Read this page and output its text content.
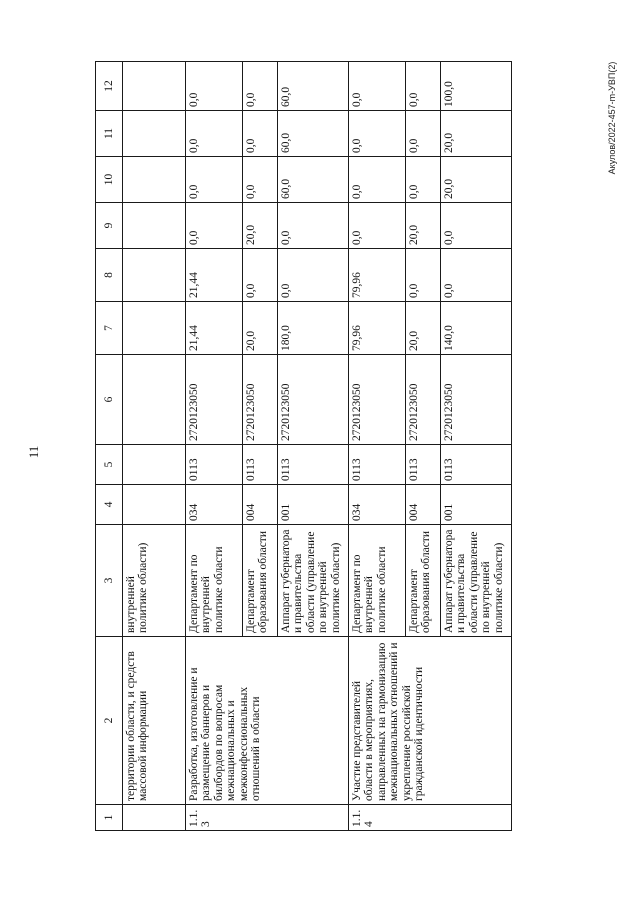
11
Акулов/2022-457-m-УВП(2)
1	2	3	4	5	6	7	8	9	10	11	12
	территории области, и средств массовой информации	внутренней политике области)									
1.1.3	Разработка, изготовление и размещение баннеров и билбордов по вопросам межнациональных и межконфессиональных отношений в области	Департамент по внутренней политике области	034	0113	2720123050	21,44	21,44	0,0	0,0	0,0	0,0
		Департамент образования области	004	0113	2720123050	20,0	0,0	20,0	0,0	0,0	0,0
		Аппарат губернатора и правительства области (управление по внутренней политике области)	001	0113	2720123050	180,0	0,0	0,0	60,0	60,0	60,0
1.1.4	Участие представителей области в мероприятиях, направленных на гармонизацию межнациональных отношений и укрепление российской гражданской идентичности	Департамент по внутренней политике области	034	0113	2720123050	79,96	79,96	0,0	0,0	0,0	0,0
		Департамент образования области	004	0113	2720123050	20,0	0,0	20,0	0,0	0,0	0,0
		Аппарат губернатора и правительства области (управление по внутренней политике области)	001	0113	2720123050	140,0	0,0	0,0	20,0	20,0	100,0
